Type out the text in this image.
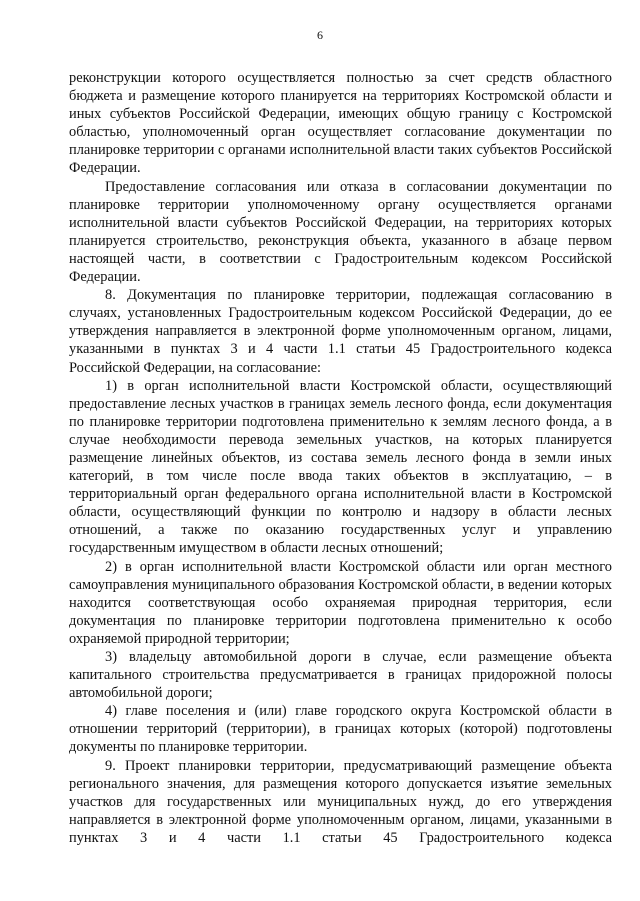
6

реконструкции которого осуществляется полностью за счет средств областного бюджета и размещение которого планируется на территориях Костромской области и иных субъектов Российской Федерации, имеющих общую границу с Костромской областью, уполномоченный орган осуществляет согласование документации по планировке территории с органами исполнительной власти таких субъектов Российской Федерации.

Предоставление согласования или отказа в согласовании документации по планировке территории уполномоченному органу осуществляется органами исполнительной власти субъектов Российской Федерации, на территориях которых планируется строительство, реконструкция объекта, указанного в абзаце первом настоящей части, в соответствии с Градостроительным кодексом Российской Федерации.

8. Документация по планировке территории, подлежащая согласованию в случаях, установленных Градостроительным кодексом Российской Федерации, до ее утверждения направляется в электронной форме уполномоченным органом, лицами, указанными в пунктах 3 и 4 части 1.1 статьи 45 Градостроительного кодекса Российской Федерации, на согласование:

1) в орган исполнительной власти Костромской области, осуществляющий предоставление лесных участков в границах земель лесного фонда, если документация по планировке территории подготовлена применительно к землям лесного фонда, а в случае необходимости перевода земельных участков, на которых планируется размещение линейных объектов, из состава земель лесного фонда в земли иных категорий, в том числе после ввода таких объектов в эксплуатацию, – в территориальный орган федерального органа исполнительной власти в Костромской области, осуществляющий функции по контролю и надзору в области лесных отношений, а также по оказанию государственных услуг и управлению государственным имуществом в области лесных отношений;

2) в орган исполнительной власти Костромской области или орган местного самоуправления муниципального образования Костромской области, в ведении которых находится соответствующая особо охраняемая природная территория, если документация по планировке территории подготовлена применительно к особо охраняемой природной территории;

3) владельцу автомобильной дороги в случае, если размещение объекта капитального строительства предусматривается в границах придорожной полосы автомобильной дороги;

4) главе поселения и (или) главе городского округа Костромской области в отношении территорий (территории), в границах которых (которой) подготовлены документы по планировке территории.

9. Проект планировки территории, предусматривающий размещение объекта регионального значения, для размещения которого допускается изъятие земельных участков для государственных или муниципальных нужд, до его утверждения направляется в электронной форме уполномоченным органом, лицами, указанными в пунктах 3 и 4 части 1.1 статьи 45 Градостроительного кодекса
